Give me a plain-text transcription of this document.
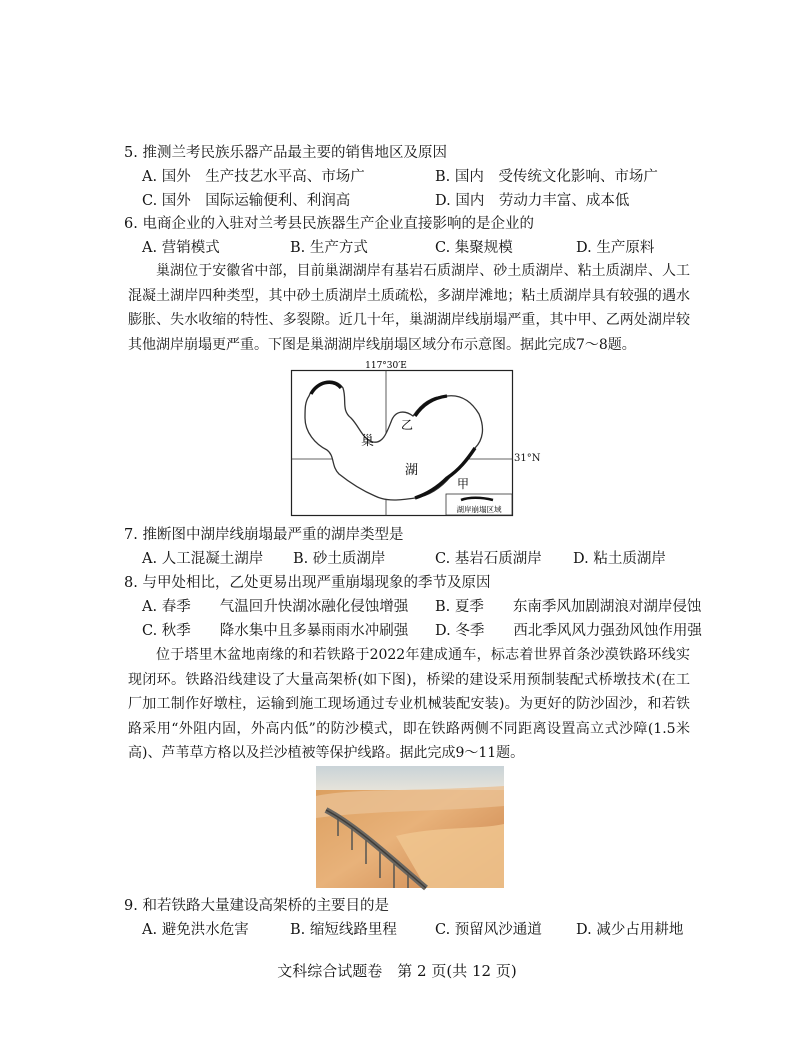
5. 推测兰考民族乐器产品最主要的销售地区及原因
A. 国外　生产技艺水平高、市场广	B. 国内　受传统文化影响、市场广
C. 国外　国际运输便利、利润高	D. 国内　劳动力丰富、成本低
6. 电商企业的入驻对兰考县民族器生产企业直接影响的是企业的
A. 营销模式	B. 生产方式	C. 集聚规模	D. 生产原料
巢湖位于安徽省中部，目前巢湖湖岸有基岩石质湖岸、砂土质湖岸、粘土质湖岸、人工混凝土湖岸四种类型，其中砂土质湖岸土质疏松，多湖岸滩地；粘土质湖岸具有较强的遇水膨胀、失水收缩的特性、多裂隙。近几十年，巢湖湖岸线崩塌严重，其中甲、乙两处湖岸较其他湖岸崩塌更严重。下图是巢湖湖岸线崩塌区域分布示意图。据此完成7～8题。
117°30′E
巢
湖
乙
甲
湖岸崩塌区域
31°N
7. 推断图中湖岸线崩塌最严重的湖岸类型是
A. 人工混凝土湖岸 B. 砂土质湖岸	C. 基岩石质湖岸 D. 粘土质湖岸
8. 与甲处相比，乙处更易出现严重崩塌现象的季节及原因
A. 春季　　气温回升快湖冰融化侵蚀增强 B. 夏季　　东南季风加剧湖浪对湖岸侵蚀
C. 秋季　　降水集中且多暴雨雨水冲刷强 D. 冬季　　西北季风风力强劲风蚀作用强
位于塔里木盆地南缘的和若铁路于2022年建成通车，标志着世界首条沙漠铁路环线实现闭环。铁路沿线建设了大量高架桥(如下图)，桥梁的建设采用预制装配式桥墩技术(在工厂加工制作好墩柱，运输到施工现场通过专业机械装配安装)。为更好的防沙固沙，和若铁路采用“外阻内固，外高内低”的防沙模式，即在铁路两侧不同距离设置高立式沙障(1.5米高)、芦苇草方格以及拦沙植被等保护线路。据此完成9～11题。
9. 和若铁路大量建设高架桥的主要目的是
A. 避免洪水危害	B. 缩短线路里程	C. 预留风沙通道 D. 减少占用耕地
文科综合试题卷　第 2 页(共 12 页)
